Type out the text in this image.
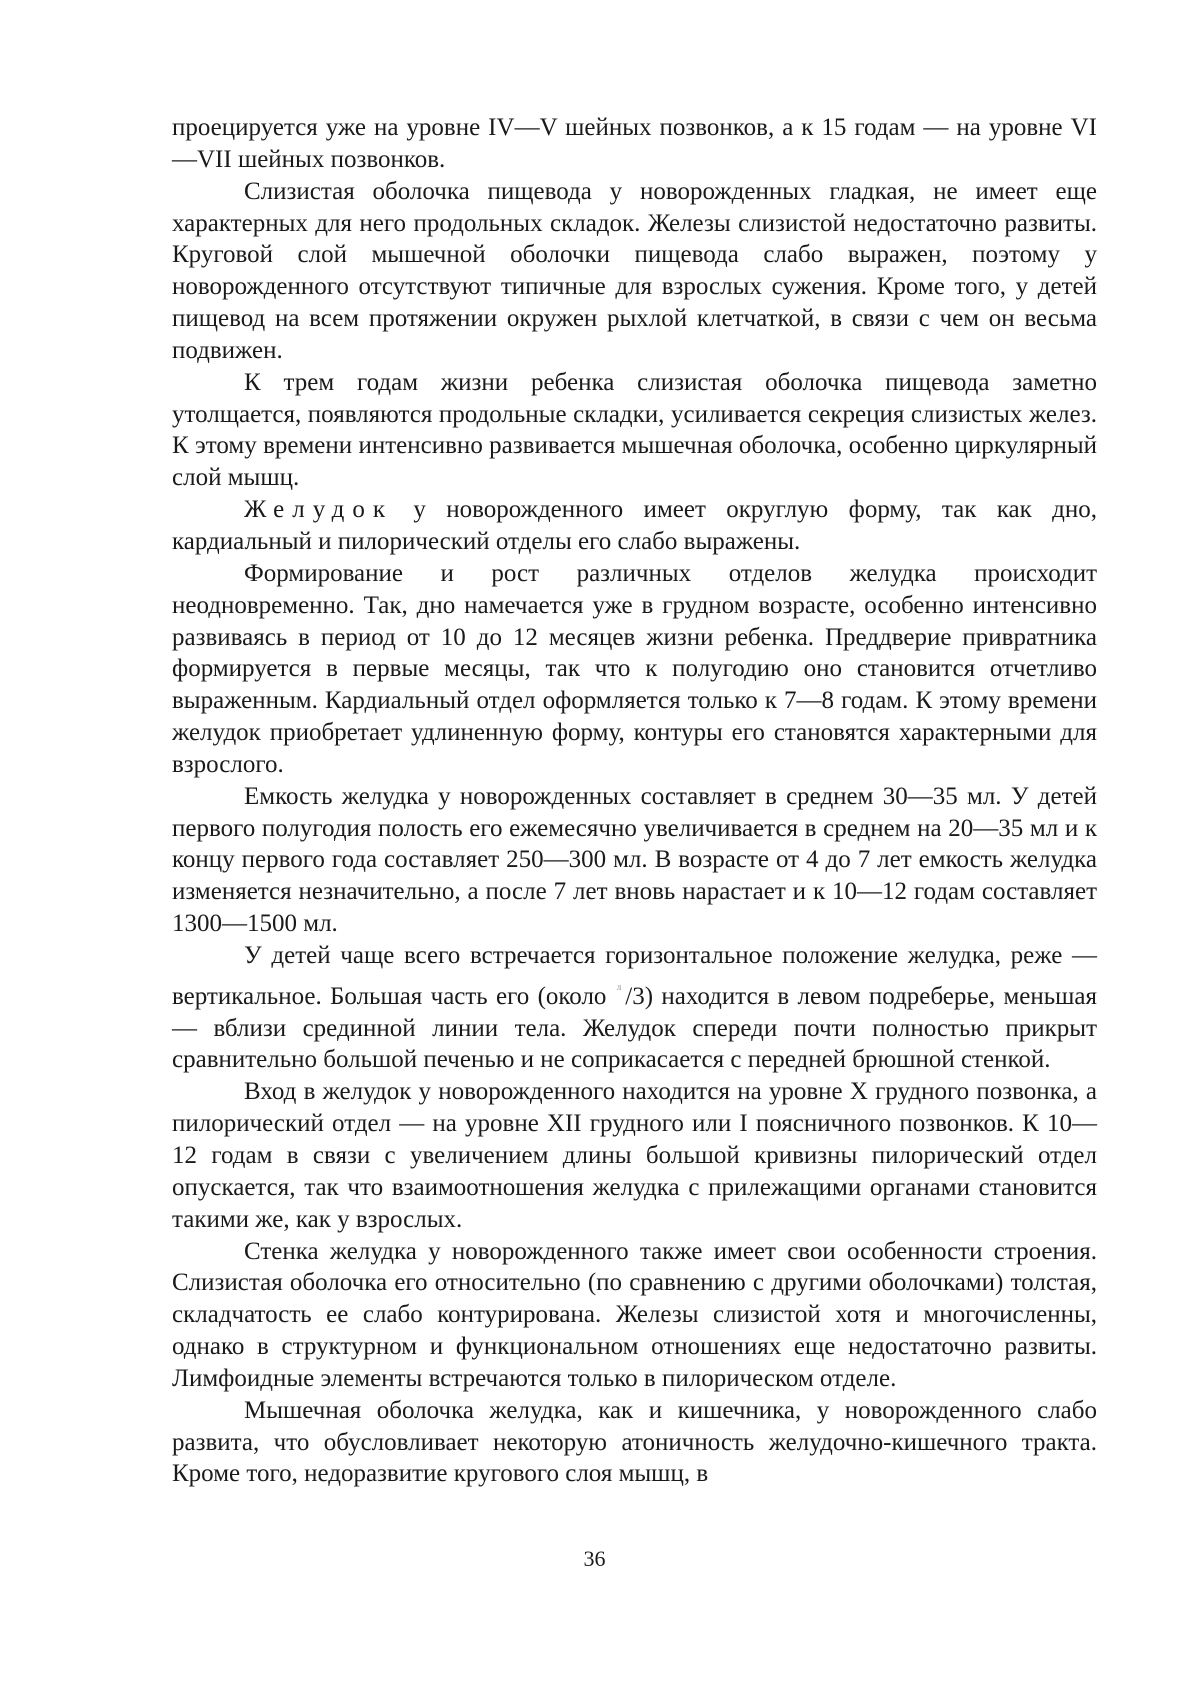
проецируется уже на уровне IV—V шейных позвонков, а к 15 годам — на уровне VI—VII шейных позвонков.

Слизистая оболочка пищевода у новорожденных гладкая, не имеет еще характерных для него продольных складок. Железы слизистой недостаточно развиты. Круговой слой мышечной оболочки пищевода слабо выражен, поэтому у новорожденного отсутствуют типичные для взрослых сужения. Кроме того, у детей пищевод на всем протяжении окружен рыхлой клетчаткой, в связи с чем он весьма подвижен.

К трем годам жизни ребенка слизистая оболочка пищевода заметно утолщается, появляются продольные складки, усиливается секреция слизистых желез. К этому времени интенсивно развивается мышечная оболочка, особенно циркулярный слой мышц.

Желудок у новорожденного имеет округлую форму, так как дно, кардиальный и пилорический отделы его слабо выражены.

Формирование и рост различных отделов желудка происходит неодновременно. Так, дно намечается уже в грудном возрасте, особенно интенсивно развиваясь в период от 10 до 12 месяцев жизни ребенка. Преддверие привратника формируется в первые месяцы, так что к полугодию оно становится отчетливо выраженным. Кардиальный отдел оформляется только к 7—8 годам. К этому времени желудок приобретает удлиненную форму, контуры его становятся характерными для взрослого.

Емкость желудка у новорожденных составляет в среднем 30—35 мл. У детей первого полугодия полость его ежемесячно увеличивается в среднем на 20—35 мл и к концу первого года составляет 250—300 мл. В возрасте от 4 до 7 лет емкость желудка изменяется незначительно, а после 7 лет вновь нарастает и к 10—12 годам составляет 1300—1500 мл.

У детей чаще всего встречается горизонтальное положение желудка, реже — вертикальное. Большая часть его (около $^л$ /3) находится в левом подреберье, меньшая — вблизи срединной линии тела. Желудок спереди почти полностью прикрыт сравнительно большой печенью и не соприкасается с передней брюшной стенкой.

Вход в желудок у новорожденного находится на уровне X грудного позвонка, а пилорический отдел — на уровне XII грудного или I поясничного позвонков. К 10—12 годам в связи с увеличением длины большой кривизны пилорический отдел опускается, так что взаимоотношения желудка с прилежащими органами становится такими же, как у взрослых.

Стенка желудка у новорожденного также имеет свои особенности строения. Слизистая оболочка его относительно (по сравнению с другими оболочками) толстая, складчатость ее слабо контурирована. Железы слизистой хотя и многочисленны, однако в структурном и функциональном отношениях еще недостаточно развиты. Лимфоидные элементы встречаются только в пилорическом отделе.

Мышечная оболочка желудка, как и кишечника, у новорожденного слабо развита, что обусловливает некоторую атоничность желудочно-кишечного тракта. Кроме того, недоразвитие кругового слоя мышц, в

36
